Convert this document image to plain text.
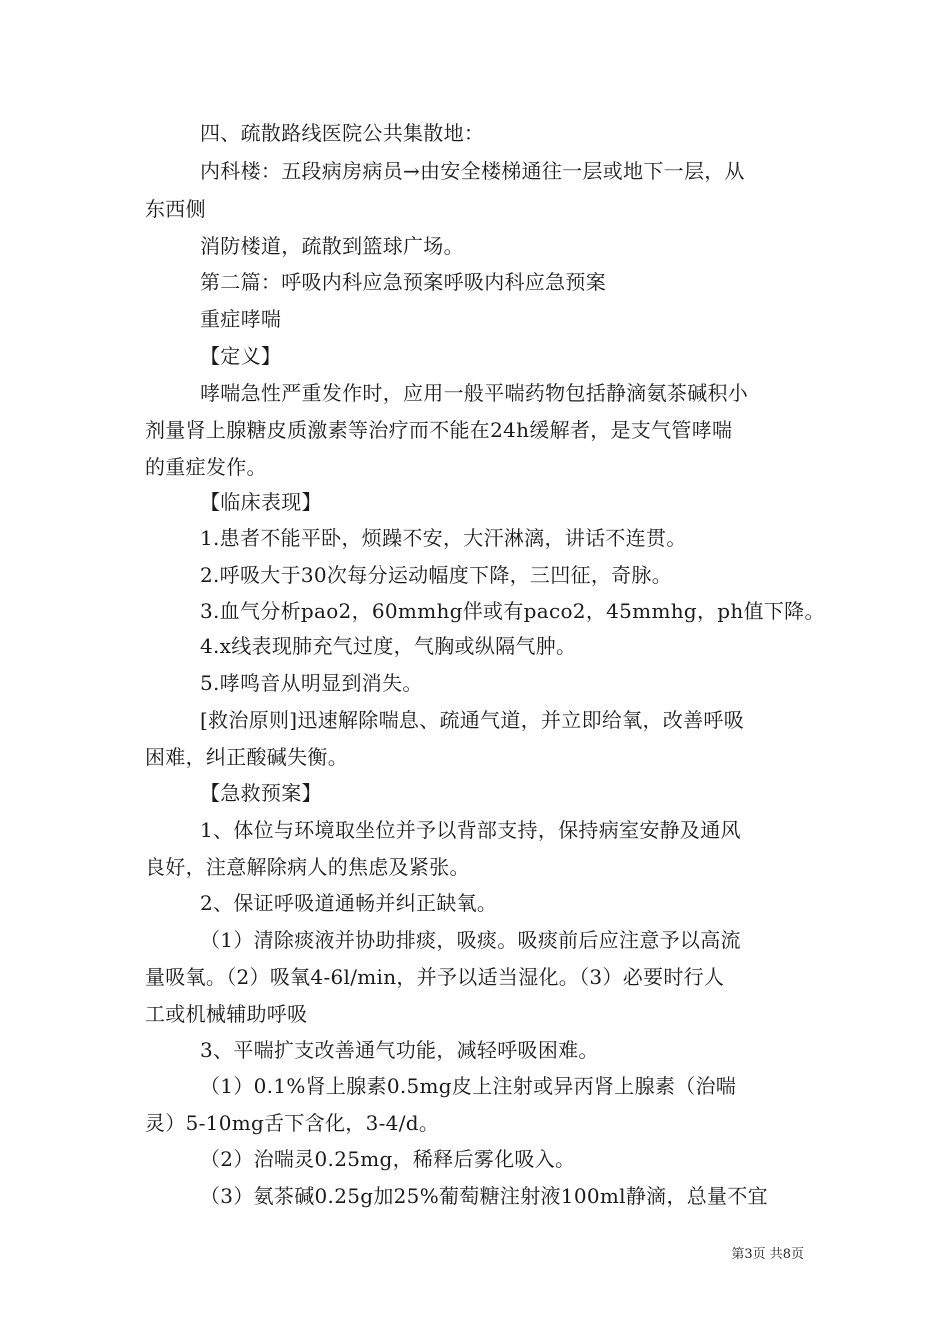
四、疏散路线医院公共集散地：
内科楼：五段病房病员→由安全楼梯通往一层或地下一层，从
东西侧
消防楼道，疏散到篮球广场。
第二篇：呼吸内科应急预案呼吸内科应急预案
重症哮喘
【定义】
哮喘急性严重发作时，应用一般平喘药物包括静滴氨茶碱积小
剂量肾上腺糖皮质激素等治疗而不能在24h缓解者，是支气管哮喘
的重症发作。
【临床表现】
1.患者不能平卧，烦躁不安，大汗淋漓，讲话不连贯。
2.呼吸大于30次每分运动幅度下降，三凹征，奇脉。
3.血气分析pao2，60mmhg伴或有paco2，45mmhg，ph值下降。
4.x线表现肺充气过度，气胸或纵隔气肿。
5.哮鸣音从明显到消失。
[救治原则]迅速解除喘息、疏通气道，并立即给氧，改善呼吸
困难，纠正酸碱失衡。
【急救预案】
1、体位与环境取坐位并予以背部支持，保持病室安静及通风
良好，注意解除病人的焦虑及紧张。
2、保证呼吸道通畅并纠正缺氧。
（1）清除痰液并协助排痰，吸痰。吸痰前后应注意予以高流
量吸氧。（2）吸氧4-6l/min，并予以适当湿化。（3）必要时行人
工或机械辅助呼吸
3、平喘扩支改善通气功能，减轻呼吸困难。
（1）0.1%肾上腺素0.5mg皮上注射或异丙肾上腺素（治喘
灵）5-10mg舌下含化，3-4/d。
（2）治喘灵0.25mg，稀释后雾化吸入。
（3）氨茶碱0.25g加25%葡萄糖注射液100ml静滴，总量不宜
第3页 共8页
